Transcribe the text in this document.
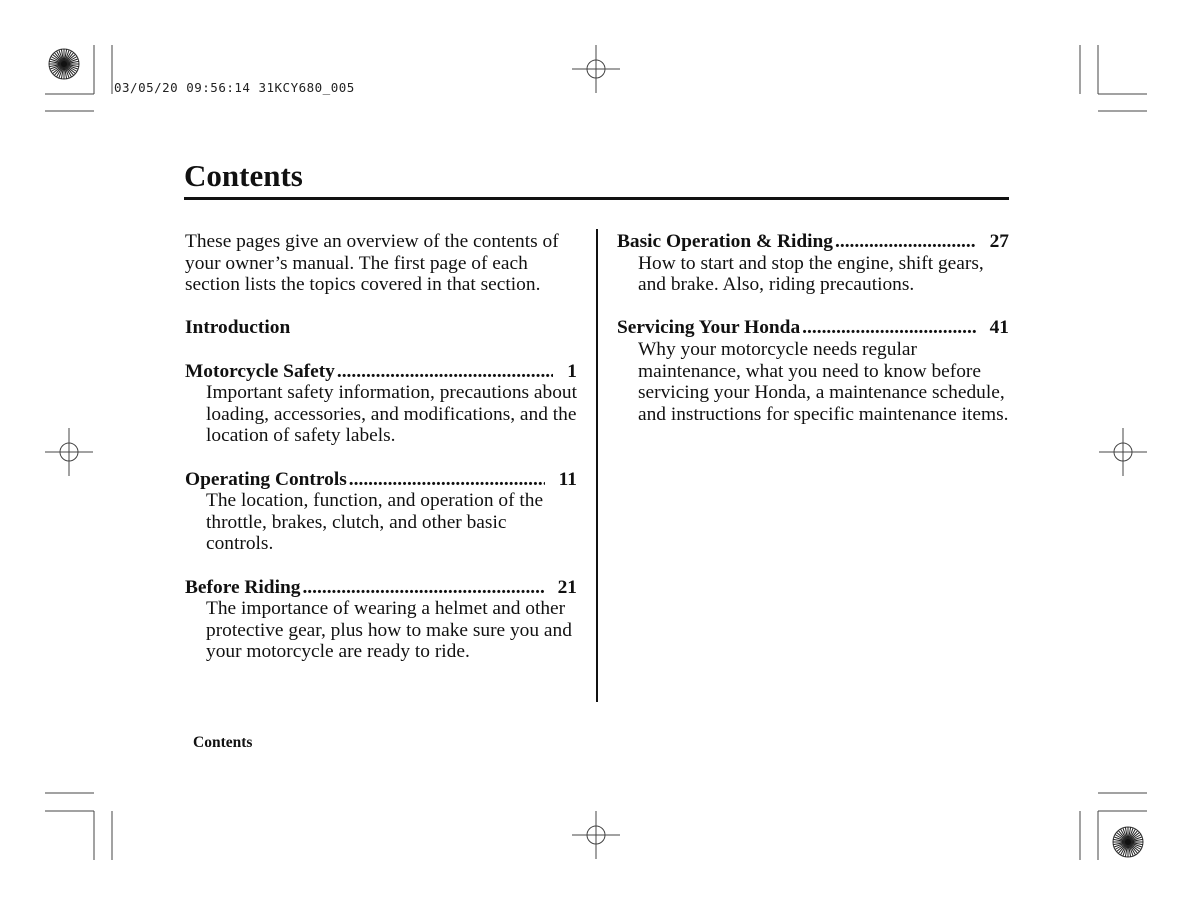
03/05/20 09:56:14 31KCY680_005
Contents

These pages give an overview of the contents of your owner’s manual. The first page of each section lists the topics covered in that section.

Introduction

Motorcycle Safety .....	1

Important safety information, precautions about loading, accessories, and modifications, and the location of safety labels.

Operating Controls .....	11

The location, function, and operation of the throttle, brakes, clutch, and other basic controls.

Before Riding .....	21

The importance of wearing a helmet and other protective gear, plus how to make sure you and your motorcycle are ready to ride.

Basic Operation & Riding .....	27

How to start and stop the engine, shift gears, and brake. Also, riding precautions.

Servicing Your Honda .....	41

Why your motorcycle needs regular maintenance, what you need to know before servicing your Honda, a maintenance schedule, and instructions for specific maintenance items.

Contents
